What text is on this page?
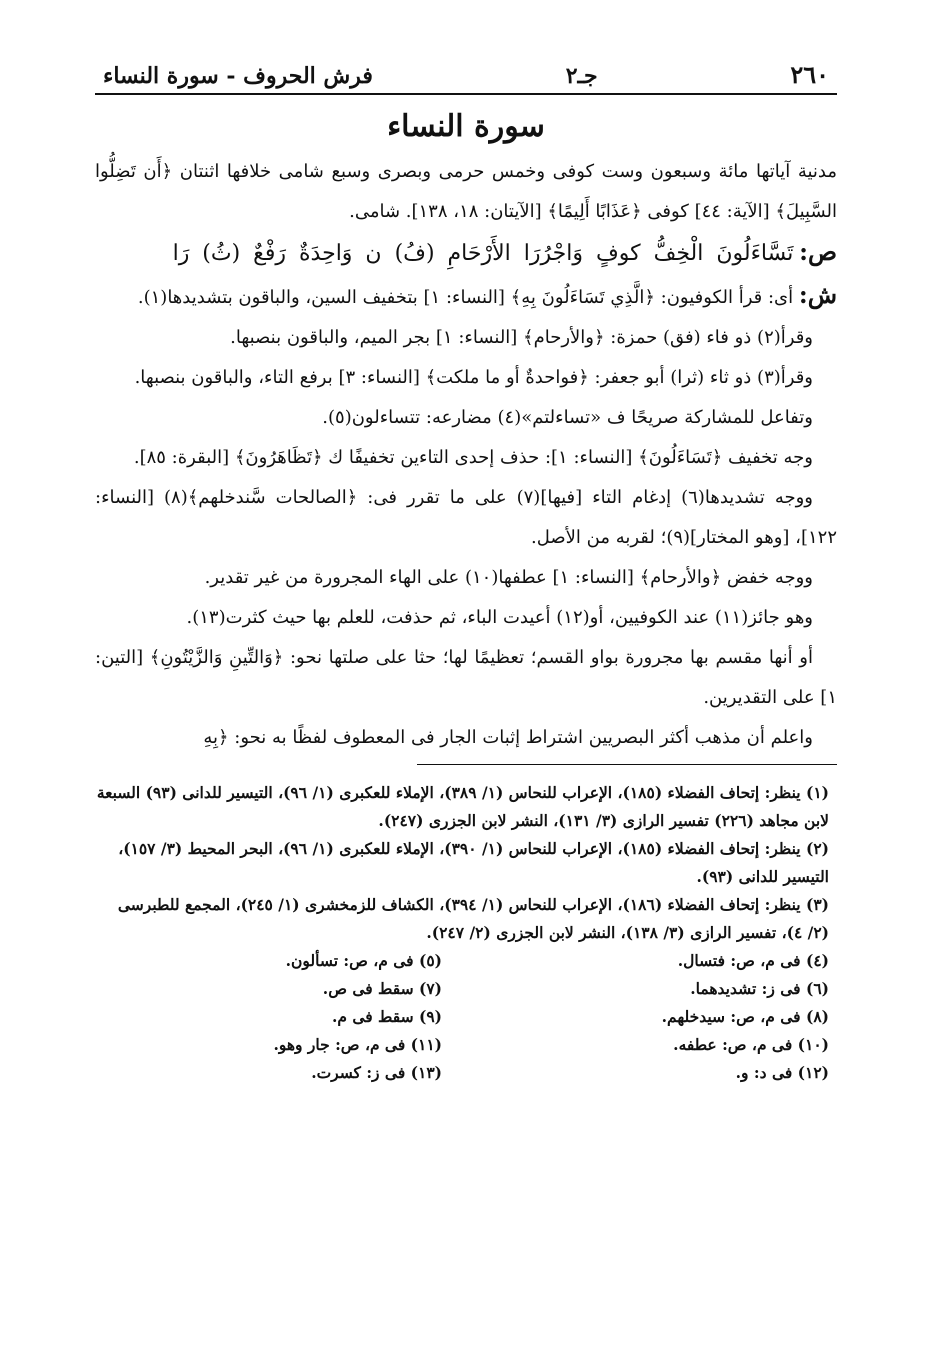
٢٦٠
جـ٢
فرش الحروف - سورة النساء
سورة النساء

مدنية آياتها مائة وسبعون وست كوفى وخمس حرمى وبصرى وسبع شامى خلافها اثنتان ﴿أَن تَضِلُّوا السَّبِيلَ﴾ [الآية: ٤٤] كوفى ﴿عَذَابًا أَلِيمًا﴾ [الآيتان: ١٨، ١٣٨]. شامى.

ص: تَسَّاءَلُونَ الْخِفُّ كوفٍ وَاجْرُرَا الأَرْحَامِ (فُ) ن وَاحِدَةٌ رَفْعٌ (ثُ) رَا

ش: أى: قرأ الكوفيون: ﴿الَّذِي تَسَاءَلُونَ بِهِ﴾ [النساء: ١] بتخفيف السين، والباقون بتشديدها(١).

وقرأ(٢) ذو فاء (فق) حمزة: ﴿والأرحام﴾ [النساء: ١] بجر الميم، والباقون بنصبها.

وقرأ(٣) ذو ثاء (ثرا) أبو جعفر: ﴿فواحدةٌ أو ما ملكت﴾ [النساء: ٣] برفع التاء، والباقون بنصبها.

وتفاعل للمشاركة صريحًا ف «تساءلتم»(٤) مضارعه: تتساءلون(٥).

وجه تخفيف ﴿تَسَاءَلُونَ﴾ [النساء: ١]: حذف إحدى التاءين تخفيفًا ك ﴿تَظَاهَرُونَ﴾ [البقرة: ٨٥].

ووجه تشديدها(٦) إدغام التاء [فيها](٧) على ما تقرر فى: ﴿الصالحات سَّندخلهم﴾(٨) [النساء: ١٢٢]، [وهو المختار](٩)؛ لقربه من الأصل.

ووجه خفض ﴿والأرحام﴾ [النساء: ١] عطفها(١٠) على الهاء المجرورة من غير تقدير.

وهو جائز(١١) عند الكوفيين، أو(١٢) أعيدت الباء، ثم حذفت، للعلم بها حيث كثرت(١٣).

أو أنها مقسم بها مجرورة بواو القسم؛ تعظيمًا لها؛ حثا على صلتها نحو: ﴿وَالتِّينِ وَالزَّيْتُونِ﴾ [التين: ١] على التقديرين.

واعلم أن مذهب أكثر البصريين اشتراط إثبات الجار فى المعطوف لفظًا به نحو: ﴿بِهِ

(١) ينظر: إتحاف الفضلاء (١٨٥)، الإعراب للنحاس (١/ ٣٨٩)، الإملاء للعكبرى (١/ ٩٦)، التيسير للدانى (٩٣) السبعة لابن مجاهد (٢٢٦) تفسير الرازى (٣/ ١٣١)، النشر لابن الجزرى (٢٤٧).

(٢) ينظر: إتحاف الفضلاء (١٨٥)، الإعراب للنحاس (١/ ٣٩٠)، الإملاء للعكبرى (١/ ٩٦)، البحر المحيط (٣/ ١٥٧)، التيسير للدانى (٩٣).

(٣) ينظر: إتحاف الفضلاء (١٨٦)، الإعراب للنحاس (١/ ٣٩٤)، الكشاف للزمخشرى (١/ ٢٤٥)، المجمع للطبرسى (٢/ ٤)، تفسير الرازى (٣/ ١٣٨)، النشر لابن الجزرى (٢/ ٢٤٧).

(٤) فى م، ص: فتسال.
(٥) فى م، ص: تسألون.
(٦) فى ز: تشديدهما.
(٧) سقط فى ص.
(٨) فى م، ص: سيدخلهم.
(٩) سقط فى م.
(١٠) فى م، ص: عطفه.
(١١) فى م، ص: جار وهو.
(١٢) فى د: و.
(١٣) فى ز: كسرت.
